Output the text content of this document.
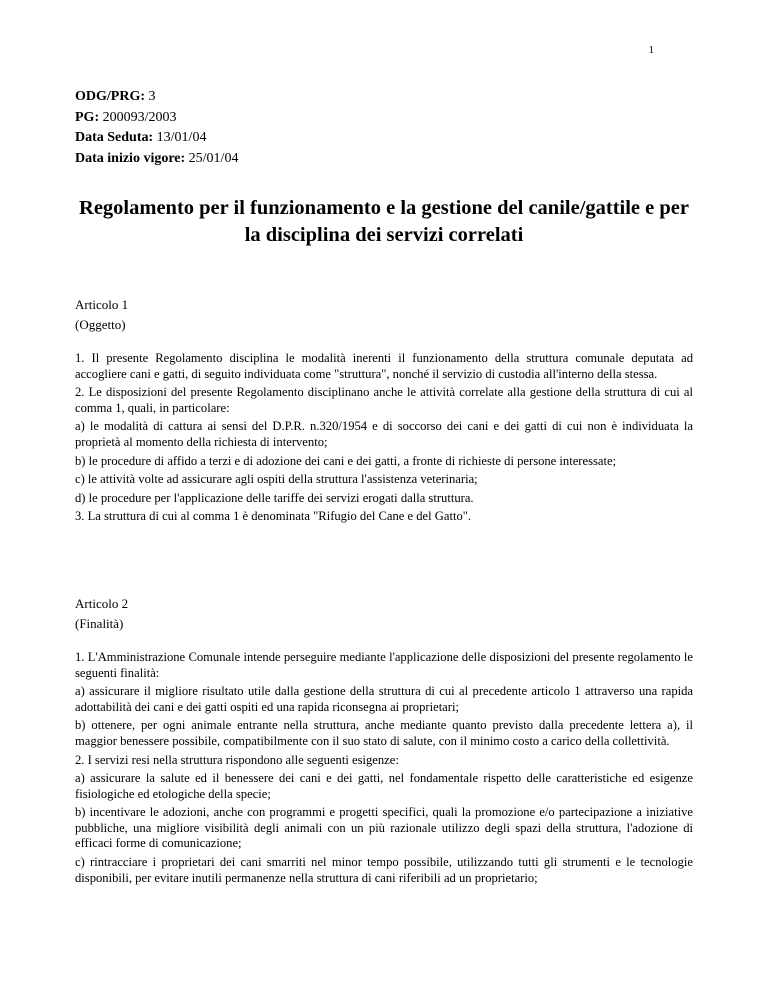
1
ODG/PRG: 3
PG: 200093/2003
Data Seduta: 13/01/04
Data inizio vigore: 25/01/04
Regolamento per il funzionamento e la gestione del canile/gattile e per
la disciplina dei servizi correlati
Articolo 1
(Oggetto)

1. Il presente Regolamento disciplina le modalità inerenti il funzionamento della struttura comunale deputata ad accogliere cani e gatti, di seguito individuata come "struttura", nonché il servizio di custodia all'interno della stessa.

2. Le disposizioni del presente Regolamento disciplinano anche le attività correlate alla gestione della struttura di cui al comma 1, quali, in particolare:

a) le modalità di cattura ai sensi del D.P.R. n.320/1954 e di soccorso dei cani e dei gatti di cui non è individuata la proprietà al momento della richiesta di intervento;

b) le procedure di affido a terzi e di adozione dei cani e dei gatti, a fronte di richieste di persone interessate;

c) le attività volte ad assicurare agli ospiti della struttura l'assistenza veterinaria;

d) le procedure per l'applicazione delle tariffe dei servizi erogati dalla struttura.

3. La struttura di cui al comma 1 è denominata "Rifugio del Cane e del Gatto".

Articolo 2
(Finalità)

1. L'Amministrazione Comunale intende perseguire mediante l'applicazione delle disposizioni del presente regolamento le seguenti finalità:

a) assicurare il migliore risultato utile dalla gestione della struttura di cui al precedente articolo 1 attraverso una rapida adottabilità dei cani e dei gatti ospiti ed una rapida riconsegna ai proprietari;

b) ottenere, per ogni animale entrante nella struttura, anche mediante quanto previsto dalla precedente lettera a), il maggior benessere possibile, compatibilmente con il suo stato di salute, con il minimo costo a carico della collettività.

2. I servizi resi nella struttura rispondono alle seguenti esigenze:

a) assicurare la salute ed il benessere dei cani e dei gatti, nel fondamentale rispetto delle caratteristiche ed esigenze fisiologiche ed etologiche della specie;

b) incentivare le adozioni, anche con programmi e progetti specifici, quali la promozione e/o partecipazione a iniziative pubbliche, una migliore visibilità degli animali con un più razionale utilizzo degli spazi della struttura, l'adozione di efficaci forme di comunicazione;

c) rintracciare i proprietari dei cani smarriti nel minor tempo possibile, utilizzando tutti gli strumenti e le tecnologie disponibili, per evitare inutili permanenze nella struttura di cani riferibili ad un proprietario;
